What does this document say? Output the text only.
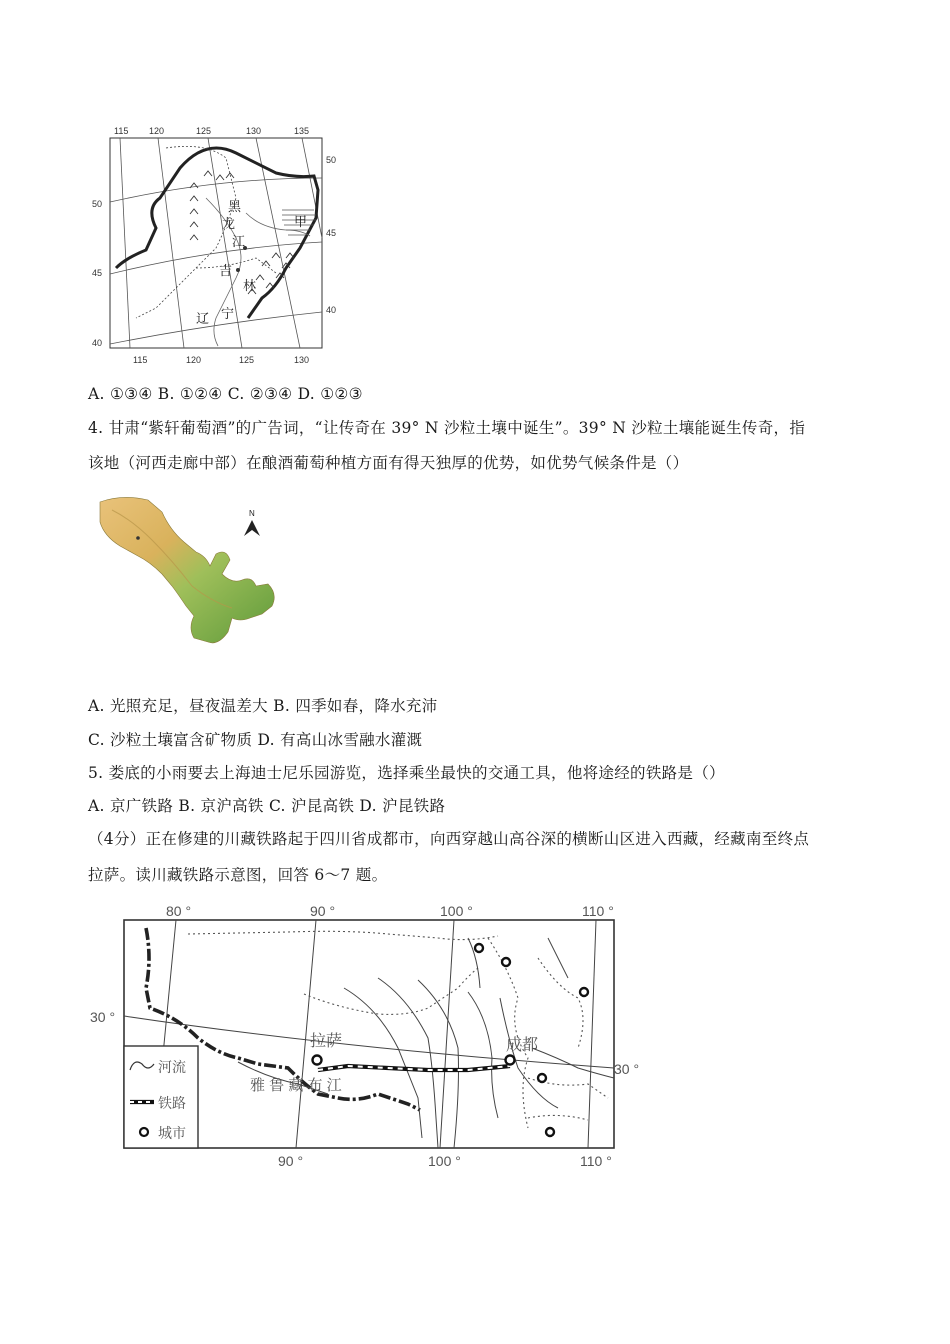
115 120	125	130	135
115	120	125	130
50
45
40
50
45
40
黑
龙
江
吉
林
辽 宁
甲
A. ①③④ B. ①②④ C. ②③④ D. ①②③
4. 甘肃“紫轩葡萄酒”的广告词，“让传奇在 39° N 沙粒土壤中诞生”。39° N 沙粒土壤能诞生传奇，指
该地（河西走廊中部）在酿酒葡萄种植方面有得天独厚的优势，如优势气候条件是（）
N
A. 光照充足，昼夜温差大 B. 四季如春，降水充沛
C. 沙粒土壤富含矿物质 D. 有高山冰雪融水灌溉
5. 娄底的小雨要去上海迪士尼乐园游览，选择乘坐最快的交通工具，他将途经的铁路是（）
A. 京广铁路 B. 京沪高铁 C. 沪昆高铁 D. 沪昆铁路
（4分）正在修建的川藏铁路起于四川省成都市，向西穿越山高谷深的横断山区进入西藏，经藏南至终点
拉萨。读川藏铁路示意图，回答 6～7 题。
80 °	90 °	100 °	110 °
90 °	100 °	110 °
30 °
30 °
拉萨	成都
雅 鲁 藏 布 江
河流
铁路
城市
